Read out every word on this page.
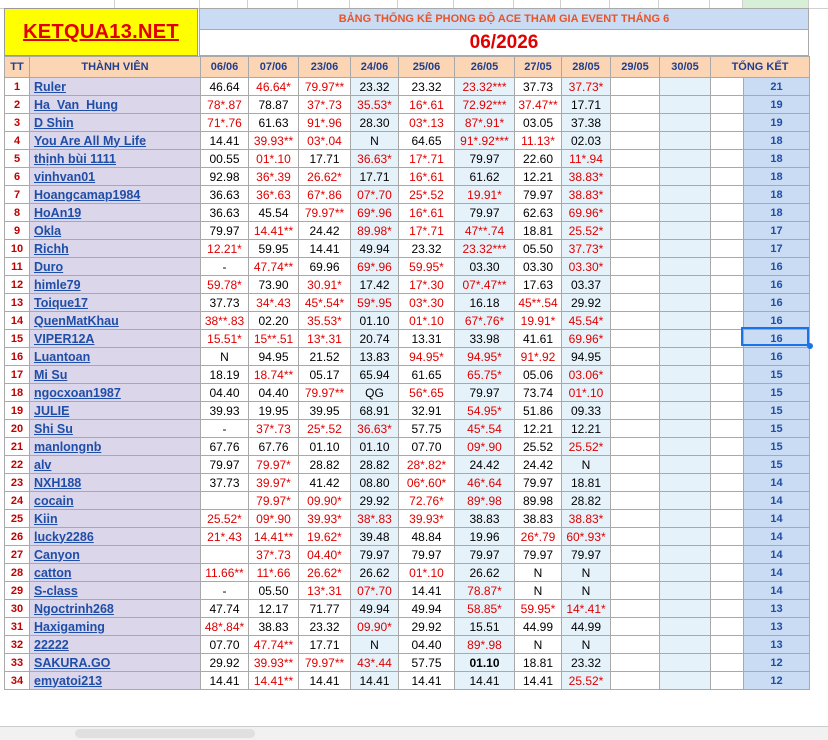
KETQUA13.NET
BẢNG THỐNG KÊ PHONG ĐỘ ACE THAM GIA EVENT THÁNG 6
06/2026
TT	THÀNH VIÊN	06/06	07/06	23/06	24/06	25/06	26/05	27/05	28/05	29/05	30/05	TỔNG KẾT	
1	Ruler	46.64	46.64*	79.97**	23.32	23.32	23.32***	37.73	37.73*				21
2	Ha_Van_Hung	78*.87	78.87	37*.73	35.53*	16*.61	72.92***	37.47**	17.71				19
3	D Shin	71*.76	61.63	91*.96	28.30	03*.13	87*.91*	03.05	37.38				19
4	You Are All My Life	14.41	39.93**	03*.04	N	64.65	91*.92***	11.13*	02.03				18
5	thịnh bùi 1111	00.55	01*.10	17.71	36.63*	17*.71	79.97	22.60	11*.94				18
6	vinhvan01	92.98	36*.39	26.62*	17.71	16*.61	61.62	12.21	38.83*				18
7	Hoangcamap1984	36.63	36*.63	67*.86	07*.70	25*.52	19.91*	79.97	38.83*				18
8	HoAn19	36.63	45.54	79.97**	69*.96	16*.61	79.97	62.63	69.96*				18
9	Okla	79.97	14.41**	24.42	89.98*	17*.71	47**.74	18.81	25.52*				17
10	Richh	12.21*	59.95	14.41	49.94	23.32	23.32***	05.50	37.73*				17
11	Duro	-	47.74**	69.96	69*.96	59.95*	03.30	03.30	03.30*				16
12	himle79	59.78*	73.90	30.91*	17.42	17*.30	07*.47**	17.63	03.37				16
13	Toique17	37.73	34*.43	45*.54*	59*.95	03*.30	16.18	45**.54	29.92				16
14	QuenMatKhau	38**.83	02.20	35.53*	01.10	01*.10	67*.76*	19.91*	45.54*				16
15	VIPER12A	15.51*	15**.51	13*.31	20.74	13.31	33.98	41.61	69.96*				16
16	Luantoan	N	94.95	21.52	13.83	94.95*	94.95*	91*.92	94.95				16
17	Mi Su	18.19	18.74**	05.17	65.94	61.65	65.75*	05.06	03.06*				15
18	ngocxoan1987	04.40	04.40	79.97**	QG	56*.65	79.97	73.74	01*.10				15
19	JULIE	39.93	19.95	39.95	68.91	32.91	54.95*	51.86	09.33				15
20	Shi Su	-	37*.73	25*.52	36.63*	57.75	45*.54	12.21	12.21				15
21	manlongnb	67.76	67.76	01.10	01.10	07.70	09*.90	25.52	25.52*				15
22	alv	79.97	79.97*	28.82	28.82	28*.82*	24.42	24.42	N				15
23	NXH188	37.73	39.97*	41.42	08.80	06*.60*	46*.64	79.97	18.81				14
24	cocain		79.97*	09.90*	29.92	72.76*	89*.98	89.98	28.82				14
25	Kiin	25.52*	09*.90	39.93*	38*.83	39.93*	38.83	38.83	38.83*				14
26	lucky2286	21*.43	14.41**	19.62*	39.48	48.84	19.96	26*.79	60*.93*				14
27	Canyon		37*.73	04.40*	79.97	79.97	79.97	79.97	79.97				14
28	catton	11.66**	11*.66	26.62*	26.62	01*.10	26.62	N	N				14
29	S-class	-	05.50	13*.31	07*.70	14.41	78.87*	N	N				14
30	Ngoctrinh268	47.74	12.17	71.77	49.94	49.94	58.85*	59.95*	14*.41*				13
31	Haxigaming	48*.84*	38.83	23.32	09.90*	29.92	15.51	44.99	44.99				13
32	22222	07.70	47.74**	17.71	N	04.40	89*.98	N	N				13
33	SAKURA.GO	29.92	39.93**	79.97**	43*.44	57.75	01.10	18.81	23.32				12
34	emyatoi213	14.41	14.41**	14.41	14.41	14.41	14.41	14.41	25.52*				12
